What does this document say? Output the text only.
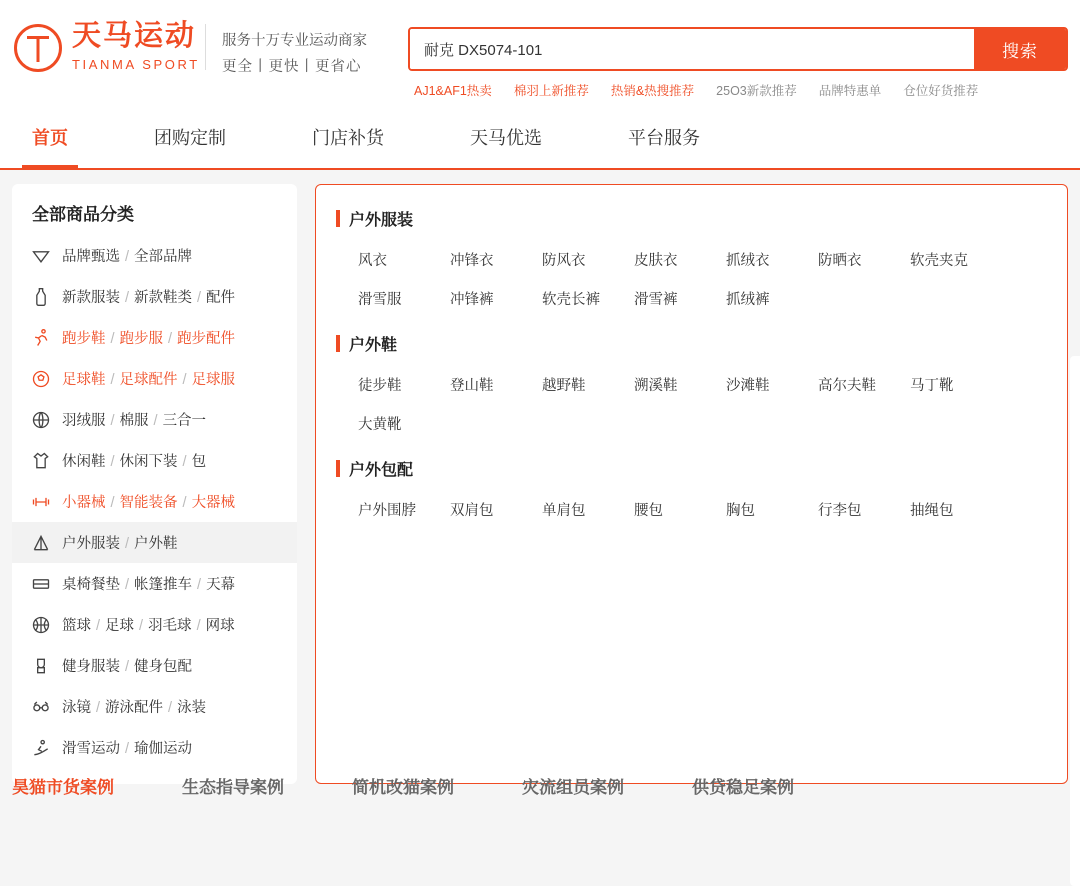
天马运动
TIANMA SPORT
服务十万专业运动商家
更全丨更快丨更省心
耐克 DX5074-101
搜索
AJ1&AF1热卖 棉羽上新推荐 热销&热搜推荐 25O3新款推荐 品牌特惠单 仓位好货推荐
首页	团购定制	门店补货	天马优选	平台服务
全部商品分类
品牌甄选 / 全部品牌
新款服装 / 新款鞋类 / 配件
跑步鞋 / 跑步服 / 跑步配件
足球鞋 / 足球配件 / 足球服
羽绒服 / 棉服 / 三合一
休闲鞋 / 休闲下装 / 包
小器械 / 智能装备 / 大器械
户外服装 / 户外鞋
桌椅餐垫 / 帐篷推车 / 天幕
篮球 / 足球 / 羽毛球 / 网球
健身服装 / 健身包配
泳镜 / 游泳配件 / 泳装
滑雪运动 / 瑜伽运动
户外服装
风衣	冲锋衣	防风衣	皮肤衣	抓绒衣	防晒衣	软壳夹克
滑雪服	冲锋裤	软壳长裤	滑雪裤	抓绒裤
户外鞋
徒步鞋	登山鞋	越野鞋	溯溪鞋	沙滩鞋	高尔夫鞋	马丁靴
大黄靴
户外包配
户外围脖	双肩包	单肩包	腰包	胸包	行李包	抽绳包
昊猫市货案例	生态指导案例	简机改猫案例	灾流组员案例	供贷稳足案例
